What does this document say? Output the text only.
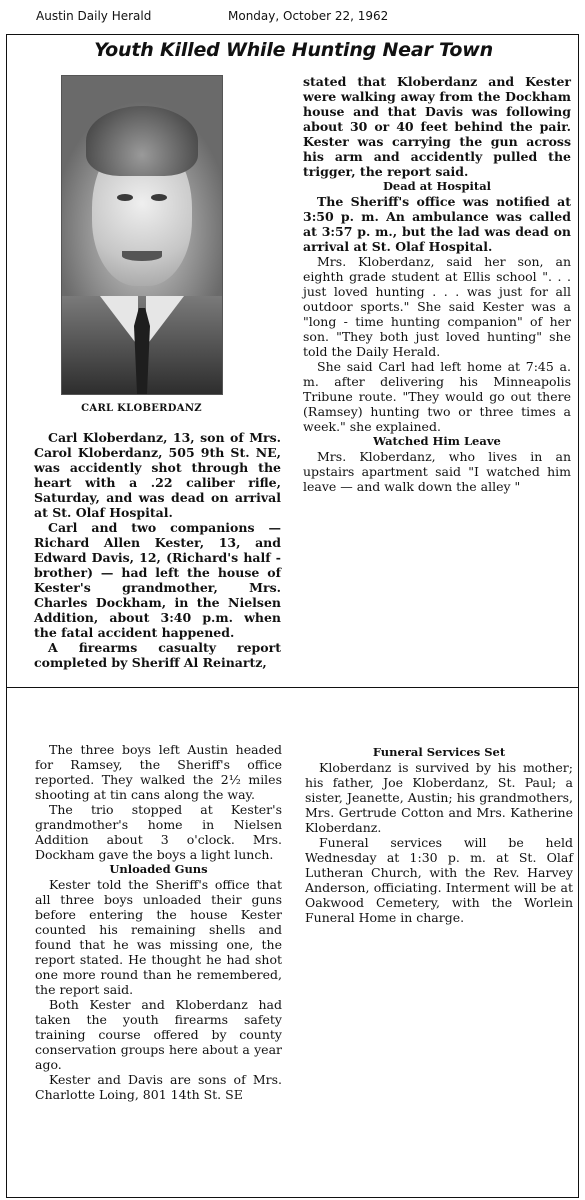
Austin Daily Herald	Monday, October 22, 1962
Youth Killed While Hunting Near Town
CARL KLOBERDANZ

Carl Kloberdanz, 13, son of Mrs. Carol Kloberdanz, 505 9th St. NE, was accidently shot through the heart with a .22 caliber rifle, Saturday, and was dead on arrival at St. Olaf Hospital.

Carl and two companions — Richard Allen Kester, 13, and Edward Davis, 12, (Richard's half - brother) — had left the house of Kester's grandmother, Mrs. Charles Dockham, in the Nielsen Addition, about 3:40 p.m. when the fatal accident happened.

A firearms casualty report completed by Sheriff Al Reinartz,

stated that Kloberdanz and Kester were walking away from the Dockham house and that Davis was following about 30 or 40 feet behind the pair. Kester was carrying the gun across his arm and accidently pulled the trigger, the report said.

Dead at Hospital

The Sheriff's office was notified at 3:50 p. m. An ambulance was called at 3:57 p. m., but the lad was dead on arrival at St. Olaf Hospital.

Mrs. Kloberdanz, said her son, an eighth grade student at Ellis school ". . . just loved hunting . . . was just for all outdoor sports." She said Kester was a "long - time hunting companion" of her son. "They both just loved hunting" she told the Daily Herald.

She said Carl had left home at 7:45 a. m. after delivering his Minneapolis Tribune route. "They would go out there (Ramsey) hunting two or three times a week." she explained.

Watched Him Leave

Mrs. Kloberdanz, who lives in an upstairs apartment said "I watched him leave — and walk down the alley "

The three boys left Austin headed for Ramsey, the Sheriff's office reported. They walked the 2½ miles shooting at tin cans along the way.

The trio stopped at Kester's grandmother's home in Nielsen Addition about 3 o'clock. Mrs. Dockham gave the boys a light lunch.

Unloaded Guns

Kester told the Sheriff's office that all three boys unloaded their guns before entering the house Kester counted his remaining shells and found that he was missing one, the report stated. He thought he had shot one more round than he remembered, the report said.

Both Kester and Kloberdanz had taken the youth firearms safety training course offered by county conservation groups here about a year ago.

Kester and Davis are sons of Mrs. Charlotte Loing, 801 14th St. SE

Funeral Services Set

Kloberdanz is survived by his mother; his father, Joe Kloberdanz, St. Paul; a sister, Jeanette, Austin; his grandmothers, Mrs. Gertrude Cotton and Mrs. Katherine Kloberdanz.

Funeral services will be held Wednesday at 1:30 p. m. at St. Olaf Lutheran Church, with the Rev. Harvey Anderson, officiating. Interment will be at Oakwood Cemetery, with the Worlein Funeral Home in charge.
